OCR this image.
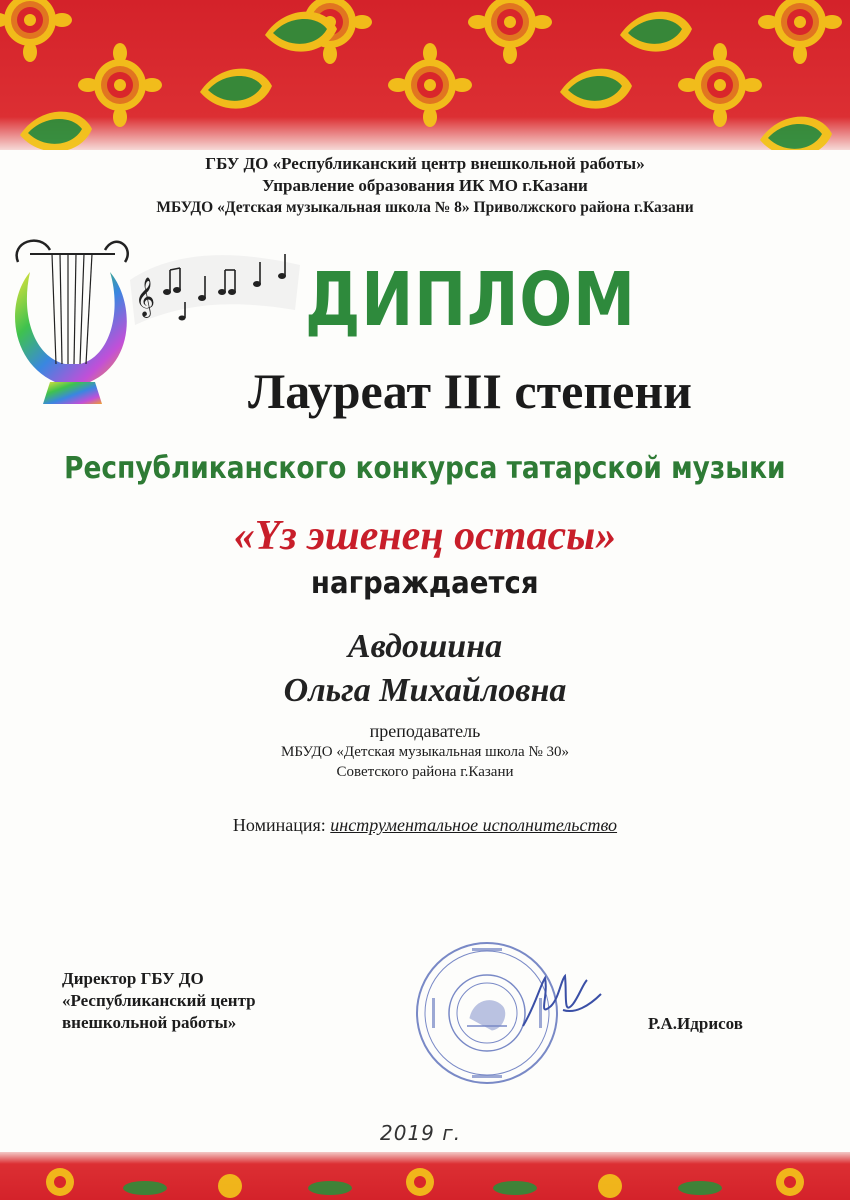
ГБУ ДО «Республиканский центр внешкольной работы»
Управление образования ИК МО г.Казани
МБУДО «Детская музыкальная школа № 8» Приволжского района г.Казани
𝄞 ДИПЛОМ
Лауреат III степени
Республиканского конкурса татарской музыки
«Үз эшенең остасы»
награждается
Авдошина
Ольга Михайловна
преподаватель
МБУДО «Детская музыкальная школа № 30»
Советского района г.Казани
Номинация: инструментальное исполнительство
Директор ГБУ ДО
«Республиканский центр
внешкольной работы»	Р.А.Идрисов
2019 г.
